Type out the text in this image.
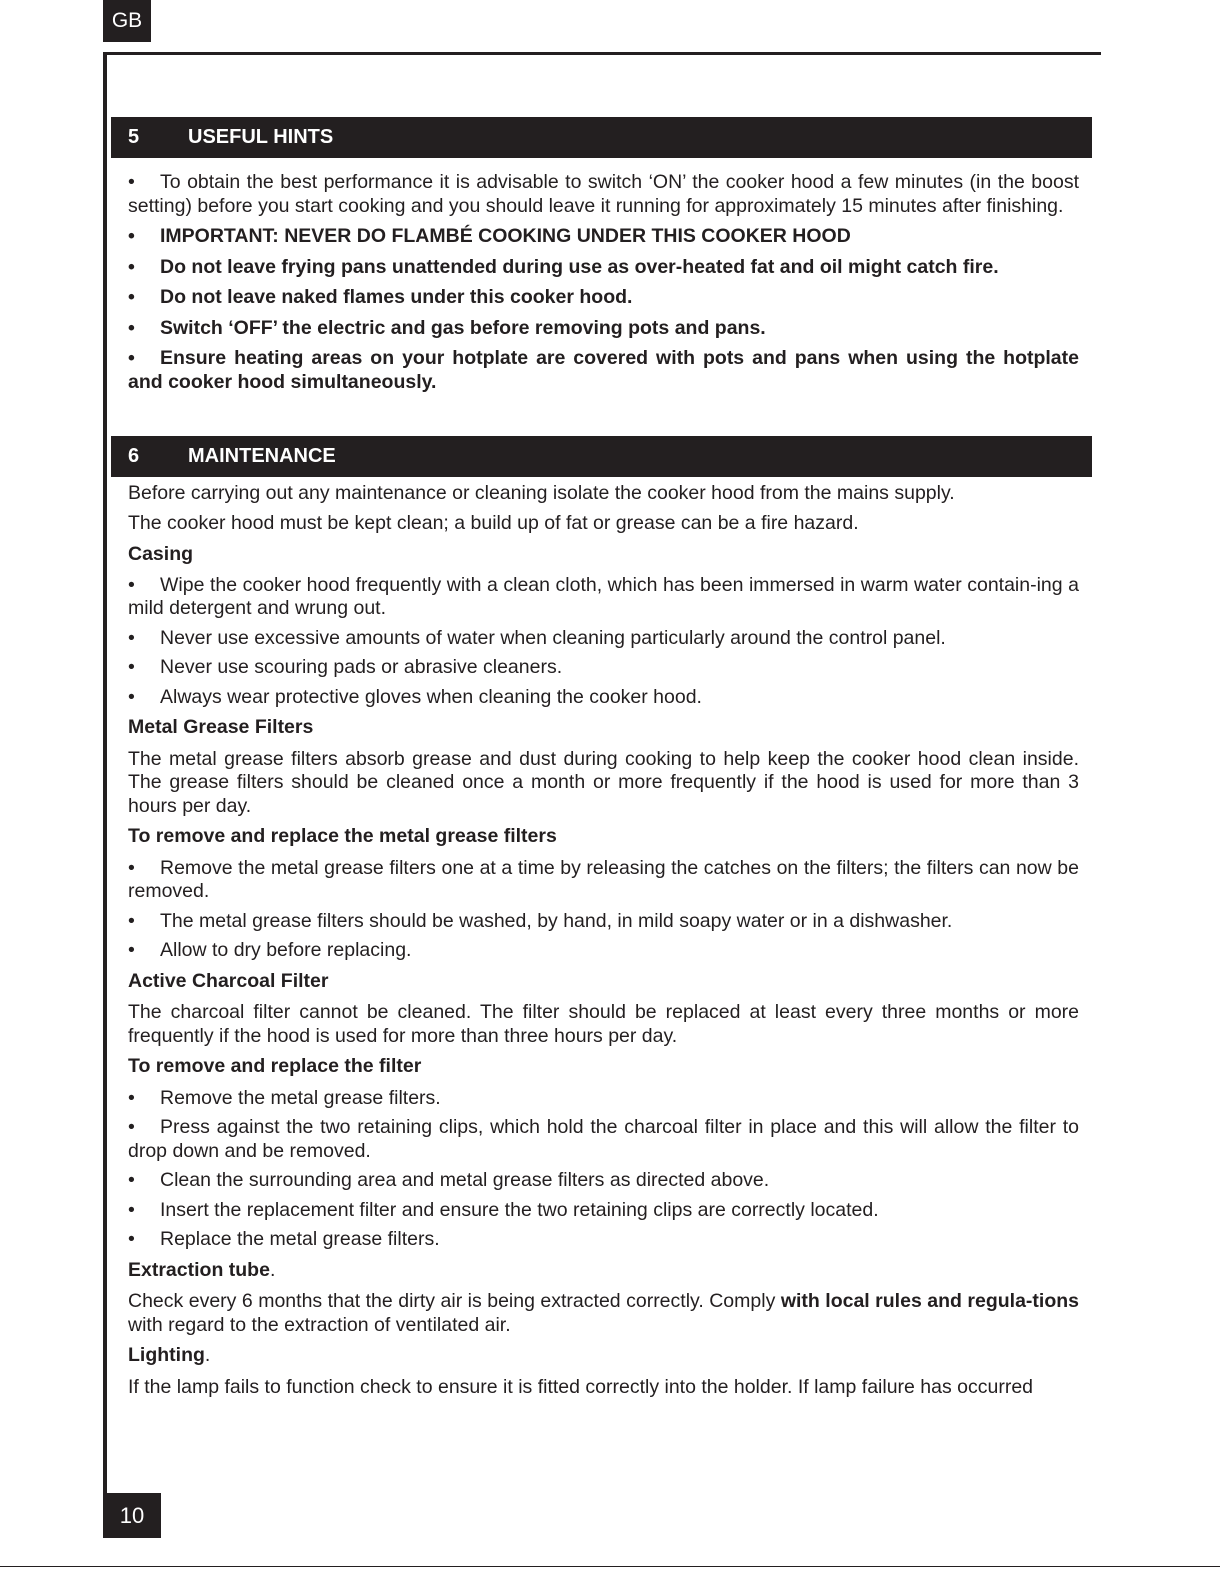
GB
5	USEFUL HINTS

• To obtain the best performance it is advisable to switch ‘ON’ the cooker hood a few minutes (in the boost setting) before you start cooking and you should leave it running for approximately 15 minutes after finishing.

• IMPORTANT: NEVER DO FLAMBÉ COOKING UNDER THIS COOKER HOOD

• Do not leave frying pans unattended during use as over-heated fat and oil might catch fire.

• Do not leave naked flames under this cooker hood.

• Switch ‘OFF’ the electric and gas before removing pots and pans.

• Ensure heating areas on your hotplate are covered with pots and pans when using the hotplate and cooker hood simultaneously.

6	MAINTENANCE

Before carrying out any maintenance or cleaning isolate the cooker hood from the mains supply.

The cooker hood must be kept clean; a build up of fat or grease can be a fire hazard.

Casing

• Wipe the cooker hood frequently with a clean cloth, which has been immersed in warm water contain-ing a mild detergent and wrung out.

• Never use excessive amounts of water when cleaning particularly around the control panel.

• Never use scouring pads or abrasive cleaners.

• Always wear protective gloves when cleaning the cooker hood.

Metal Grease Filters

The metal grease filters absorb grease and dust during cooking to help keep the cooker hood clean inside. The grease filters should be cleaned once a month or more frequently if the hood is used for more than 3 hours per day.

To remove and replace the metal grease filters

• Remove the metal grease filters one at a time by releasing the catches on the filters; the filters can now be removed.

• The metal grease filters should be washed, by hand, in mild soapy water or in a dishwasher.

• Allow to dry before replacing.

Active Charcoal Filter

The charcoal filter cannot be cleaned. The filter should be replaced at least every three months or more frequently if the hood is used for more than three hours per day.

To remove and replace the filter

• Remove the metal grease filters.

• Press against the two retaining clips, which hold the charcoal filter in place and this will allow the filter to drop down and be removed.

• Clean the surrounding area and metal grease filters as directed above.

• Insert the replacement filter and ensure the two retaining clips are correctly located.

• Replace the metal grease filters.

Extraction tube.

Check every 6 months that the dirty air is being extracted correctly. Comply with local rules and regula-tions with regard to the extraction of ventilated air.

Lighting.

If the lamp fails to function check to ensure it is fitted correctly into the holder. If lamp failure has occurred

10
